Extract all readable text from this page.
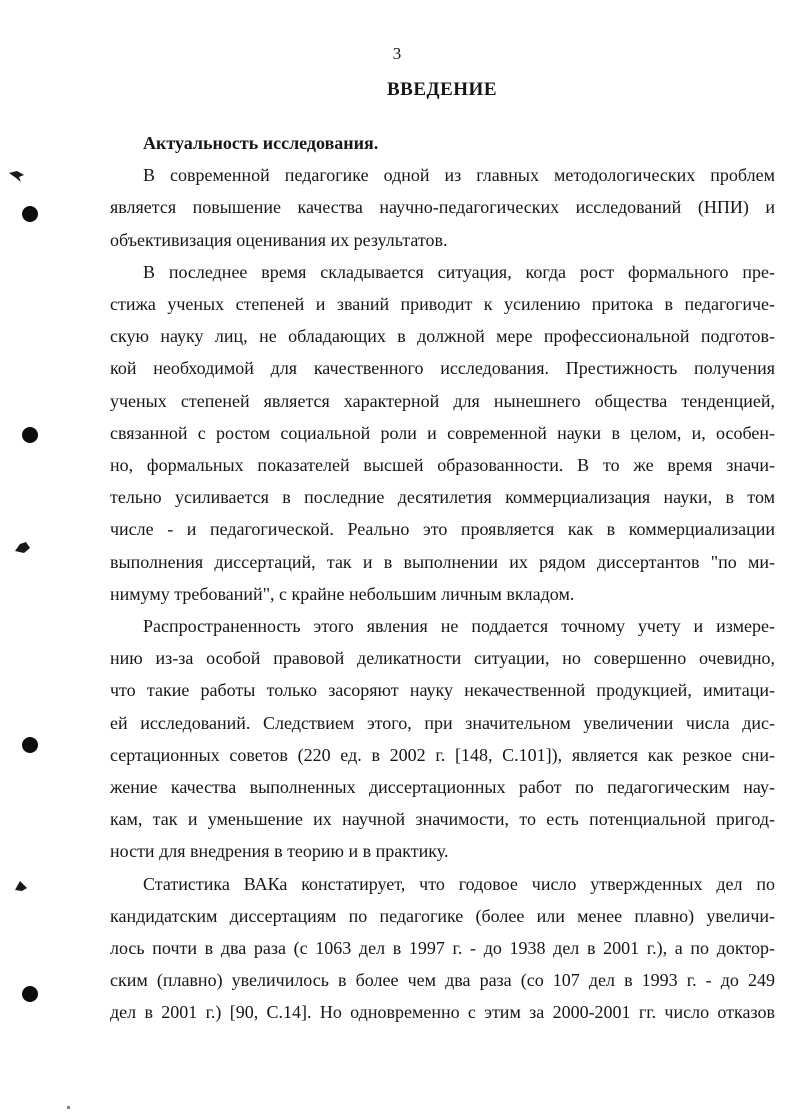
3
ВВЕДЕНИЕ
Актуальность исследования.

В современной педагогике одной из главных методологических проблем
является повышение качества научно-педагогических исследований (НПИ) и
объективизация оценивания их результатов.

В последнее время складывается ситуация, когда рост формального пре-
стижа ученых степеней и званий приводит к усилению притока в педагогиче-
скую науку лиц, не обладающих в должной мере профессиональной подготов-
кой необходимой для качественного исследования. Престижность получения
ученых степеней является характерной для нынешнего общества тенденцией,
связанной с ростом социальной роли и современной науки в целом, и, особен-
но, формальных показателей высшей образованности. В то же время значи-
тельно усиливается в последние десятилетия коммерциализация науки, в том
числе - и педагогической. Реально это проявляется как в коммерциализации
выполнения диссертаций, так и в выполнении их рядом диссертантов "по ми-
нимуму требований", с крайне небольшим личным вкладом.

Распространенность этого явления не поддается точному учету и измере-
нию из-за особой правовой деликатности ситуации, но совершенно очевидно,
что такие работы только засоряют науку некачественной продукцией, имитаци-
ей исследований. Следствием этого, при значительном увеличении числа дис-
сертационных советов (220 ед. в 2002 г. [148, С.101]), является как резкое сни-
жение качества выполненных диссертационных работ по педагогическим нау-
кам, так и уменьшение их научной значимости, то есть потенциальной пригод-
ности для внедрения в теорию и в практику.

Статистика ВАКа констатирует, что годовое число утвержденных дел по
кандидатским диссертациям по педагогике (более или менее плавно) увеличи-
лось почти в два раза (с 1063 дел в 1997 г. - до 1938 дел в 2001 г.), а по доктор-
ским (плавно) увеличилось в более чем два раза (со 107 дел в 1993 г. - до 249
дел в 2001 г.) [90, С.14]. Но одновременно с этим за 2000-2001 гг. число отказов
